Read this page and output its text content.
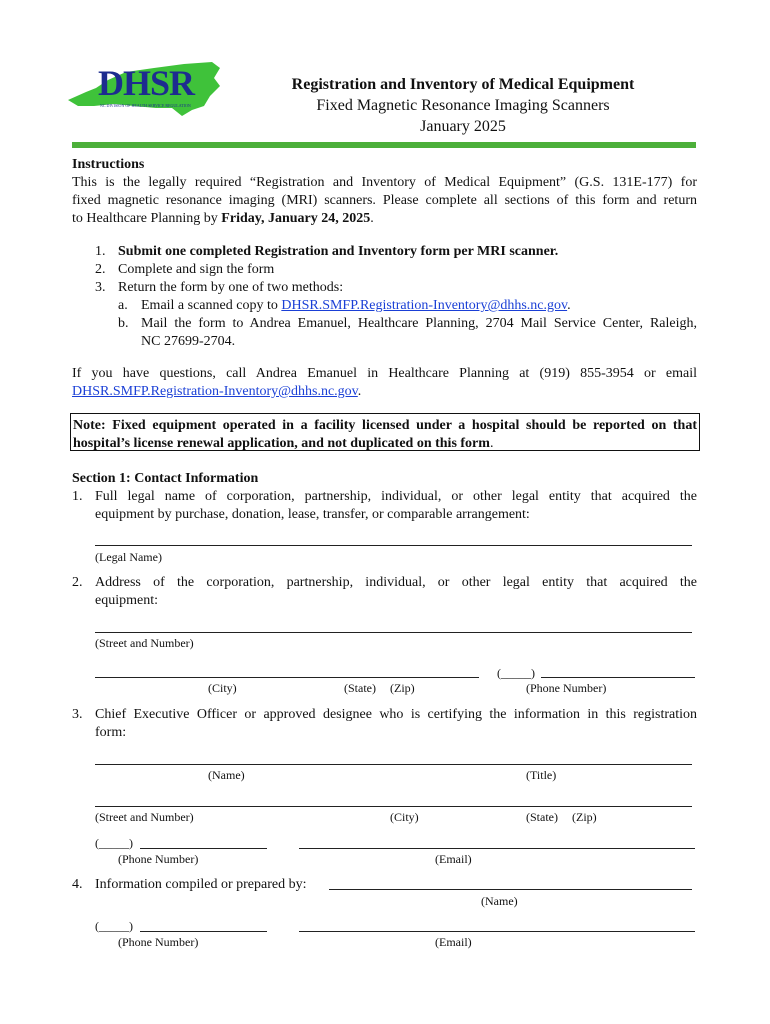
DHSR
NC DIVISION OF HEALTH SERVICE REGULATION
Registration and Inventory of Medical Equipment
Fixed Magnetic Resonance Imaging Scanners
January 2025
Instructions
This is the legally required “Registration and Inventory of Medical Equipment” (G.S. 131E-177) for
fixed magnetic resonance imaging (MRI) scanners. Please complete all sections of this form and return
to Healthcare Planning by Friday, January 24, 2025.
1. Submit one completed Registration and Inventory form per MRI scanner.
2. Complete and sign the form
3. Return the form by one of two methods:
a. Email a scanned copy to DHSR.SMFP.Registration-Inventory@dhhs.nc.gov.
b. Mail the form to Andrea Emanuel, Healthcare Planning, 2704 Mail Service Center, Raleigh,
NC 27699-2704.
If you have questions, call Andrea Emanuel in Healthcare Planning at (919) 855-3954 or email
DHSR.SMFP.Registration-Inventory@dhhs.nc.gov.
Note: Fixed equipment operated in a facility licensed under a hospital should be reported on that
hospital’s license renewal application, and not duplicated on this form.
Section 1: Contact Information
1. Full legal name of corporation, partnership, individual, or other legal entity that acquired the
equipment by purchase, donation, lease, transfer, or comparable arrangement:
(Legal Name)
2. Address of the corporation, partnership, individual, or other legal entity that acquired the
equipment:
(Street and Number)
(City)	(State) (Zip)
(_____)
(Phone Number)
3. Chief Executive Officer or approved designee who is certifying the information in this registration
form:
(Name)	(Title)
(Street and Number)	(City)	(State) (Zip)
(_____)
(Phone Number)	(Email)
4. Information compiled or prepared by:
(Name)
(_____)
(Phone Number)	(Email)
